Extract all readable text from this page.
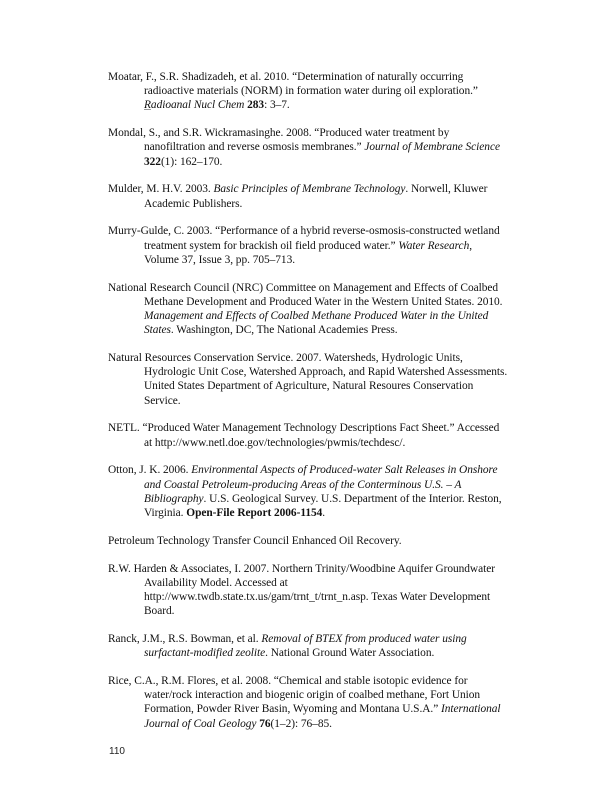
Moatar, F., S.R. Shadizadeh, et al. 2010. “Determination of naturally occurring radioactive materials (NORM) in formation water during oil exploration.” Radioanal Nucl Chem 283: 3–7.

Mondal, S., and S.R. Wickramasinghe. 2008. “Produced water treatment by nanofiltration and reverse osmosis membranes.” Journal of Membrane Science 322(1): 162–170.

Mulder, M. H.V. 2003. Basic Principles of Membrane Technology. Norwell, Kluwer Academic Publishers.

Murry-Gulde, C. 2003. “Performance of a hybrid reverse-osmosis-constructed wetland treatment system for brackish oil field produced water.” Water Research, Volume 37, Issue 3, pp. 705–713.

National Research Council (NRC) Committee on Management and Effects of Coalbed Methane Development and Produced Water in the Western United States. 2010. Management and Effects of Coalbed Methane Produced Water in the United States. Washington, DC, The National Academies Press.

Natural Resources Conservation Service. 2007. Watersheds, Hydrologic Units, Hydrologic Unit Cose, Watershed Approach, and Rapid Watershed Assessments. United States Department of Agriculture, Natural Resoures Conservation Service.

NETL. “Produced Water Management Technology Descriptions Fact Sheet.” Accessed at http://www.netl.doe.gov/technologies/pwmis/techdesc/.

Otton, J. K. 2006. Environmental Aspects of Produced-water Salt Releases in Onshore and Coastal Petroleum-producing Areas of the Conterminous U.S. – A Bibliography. U.S. Geological Survey. U.S. Department of the Interior. Reston, Virginia. Open-File Report 2006-1154.

Petroleum Technology Transfer Council Enhanced Oil Recovery.

R.W. Harden & Associates, I. 2007. Northern Trinity/Woodbine Aquifer Groundwater Availability Model. Accessed at http://www.twdb.state.tx.us/gam/trnt_t/trnt_n.asp. Texas Water Development Board.

Ranck, J.M., R.S. Bowman, et al. Removal of BTEX from produced water using surfactant-modified zeolite. National Ground Water Association.

Rice, C.A., R.M. Flores, et al. 2008. “Chemical and stable isotopic evidence for water/rock interaction and biogenic origin of coalbed methane, Fort Union Formation, Powder River Basin, Wyoming and Montana U.S.A.” International Journal of Coal Geology 76(1–2): 76–85.

110
